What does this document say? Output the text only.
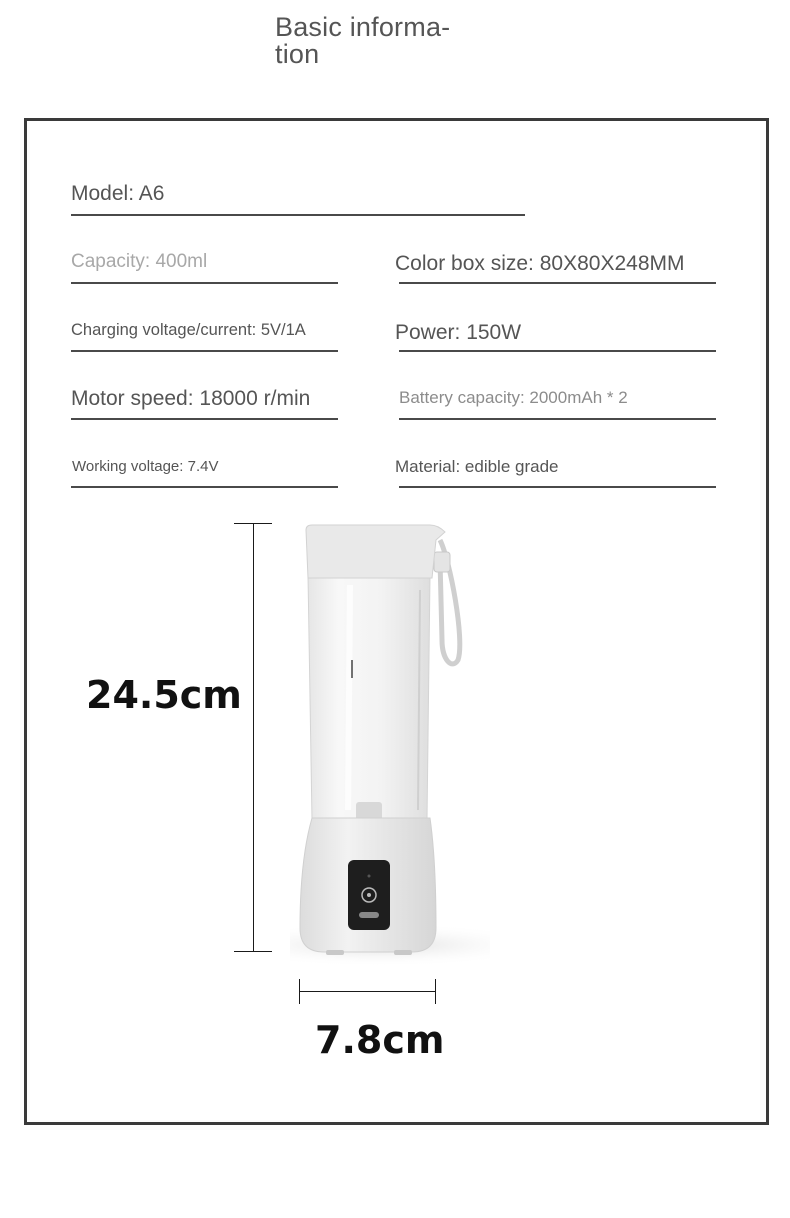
Basic informa-
tion
Model: A6
Capacity: 400ml	Color box size: 80X80X248MM
Charging voltage/current: 5V/1A	Power: 150W
Motor speed: 18000 r/min	Battery capacity: 2000mAh * 2
Working voltage: 7.4V	Material: edible grade
24.5cm
7.8cm
